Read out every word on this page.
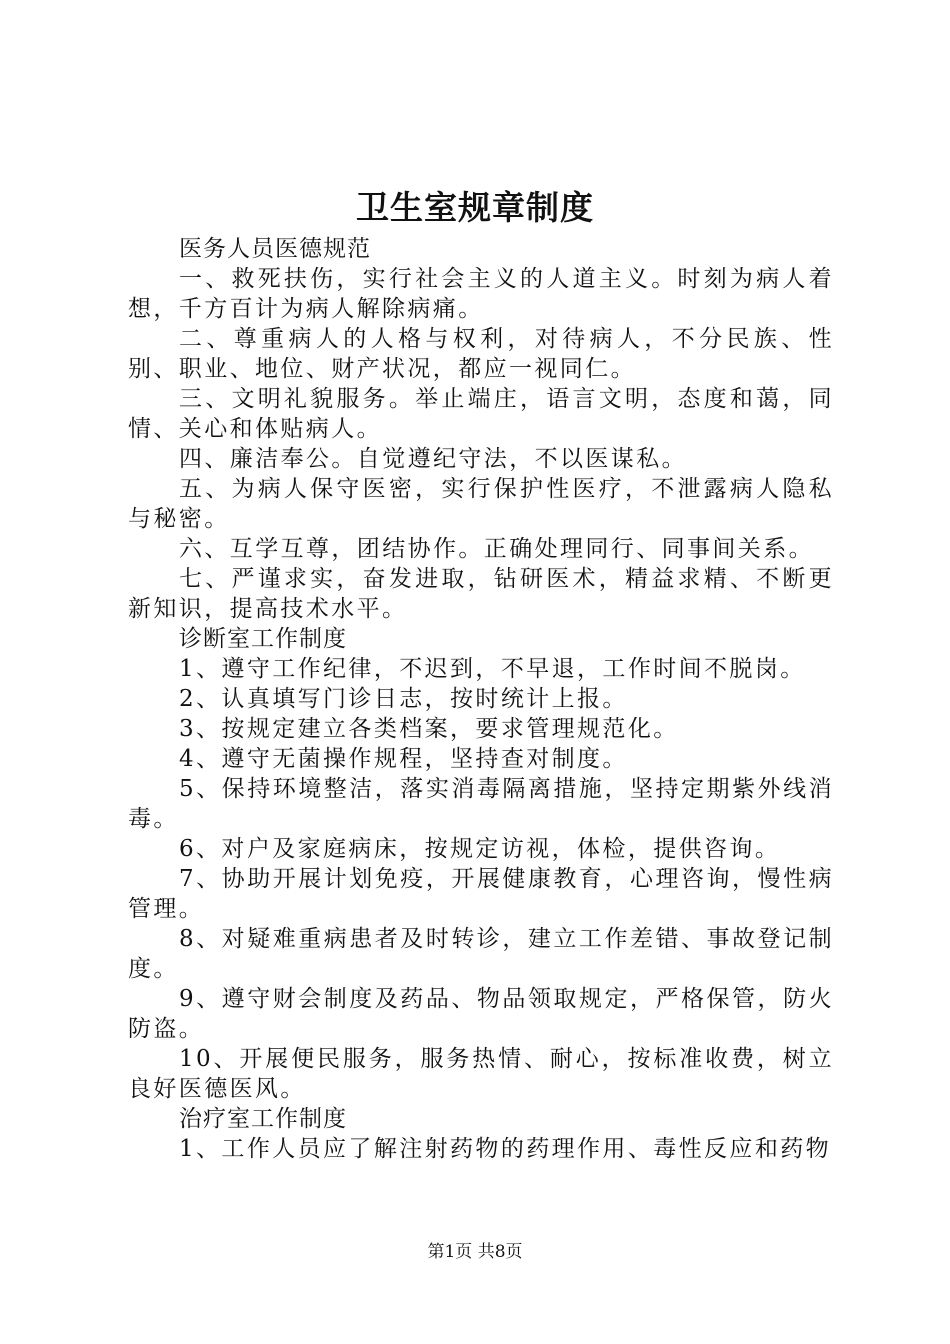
卫生室规章制度

医务人员医德规范

一、救死扶伤，实行社会主义的人道主义。时刻为病人着想，千方百计为病人解除病痛。

二、尊重病人的人格与权利，对待病人，不分民族、性别、职业、地位、财产状况，都应一视同仁。

三、文明礼貌服务。举止端庄，语言文明，态度和蔼，同情、关心和体贴病人。

四、廉洁奉公。自觉遵纪守法，不以医谋私。

五、为病人保守医密，实行保护性医疗，不泄露病人隐私与秘密。

六、互学互尊，团结协作。正确处理同行、同事间关系。

七、严谨求实，奋发进取，钻研医术，精益求精、不断更新知识，提高技术水平。

诊断室工作制度

1、遵守工作纪律，不迟到，不早退，工作时间不脱岗。

2、认真填写门诊日志，按时统计上报。

3、按规定建立各类档案，要求管理规范化。

4、遵守无菌操作规程，坚持查对制度。

5、保持环境整洁，落实消毒隔离措施，坚持定期紫外线消毒。

6、对户及家庭病床，按规定访视，体检，提供咨询。

7、协助开展计划免疫，开展健康教育，心理咨询，慢性病管理。

8、对疑难重病患者及时转诊，建立工作差错、事故登记制度。

9、遵守财会制度及药品、物品领取规定，严格保管，防火防盗。

10、开展便民服务，服务热情、耐心，按标准收费，树立良好医德医风。

治疗室工作制度

1、工作人员应了解注射药物的药理作用、毒性反应和药物

第1页 共8页
